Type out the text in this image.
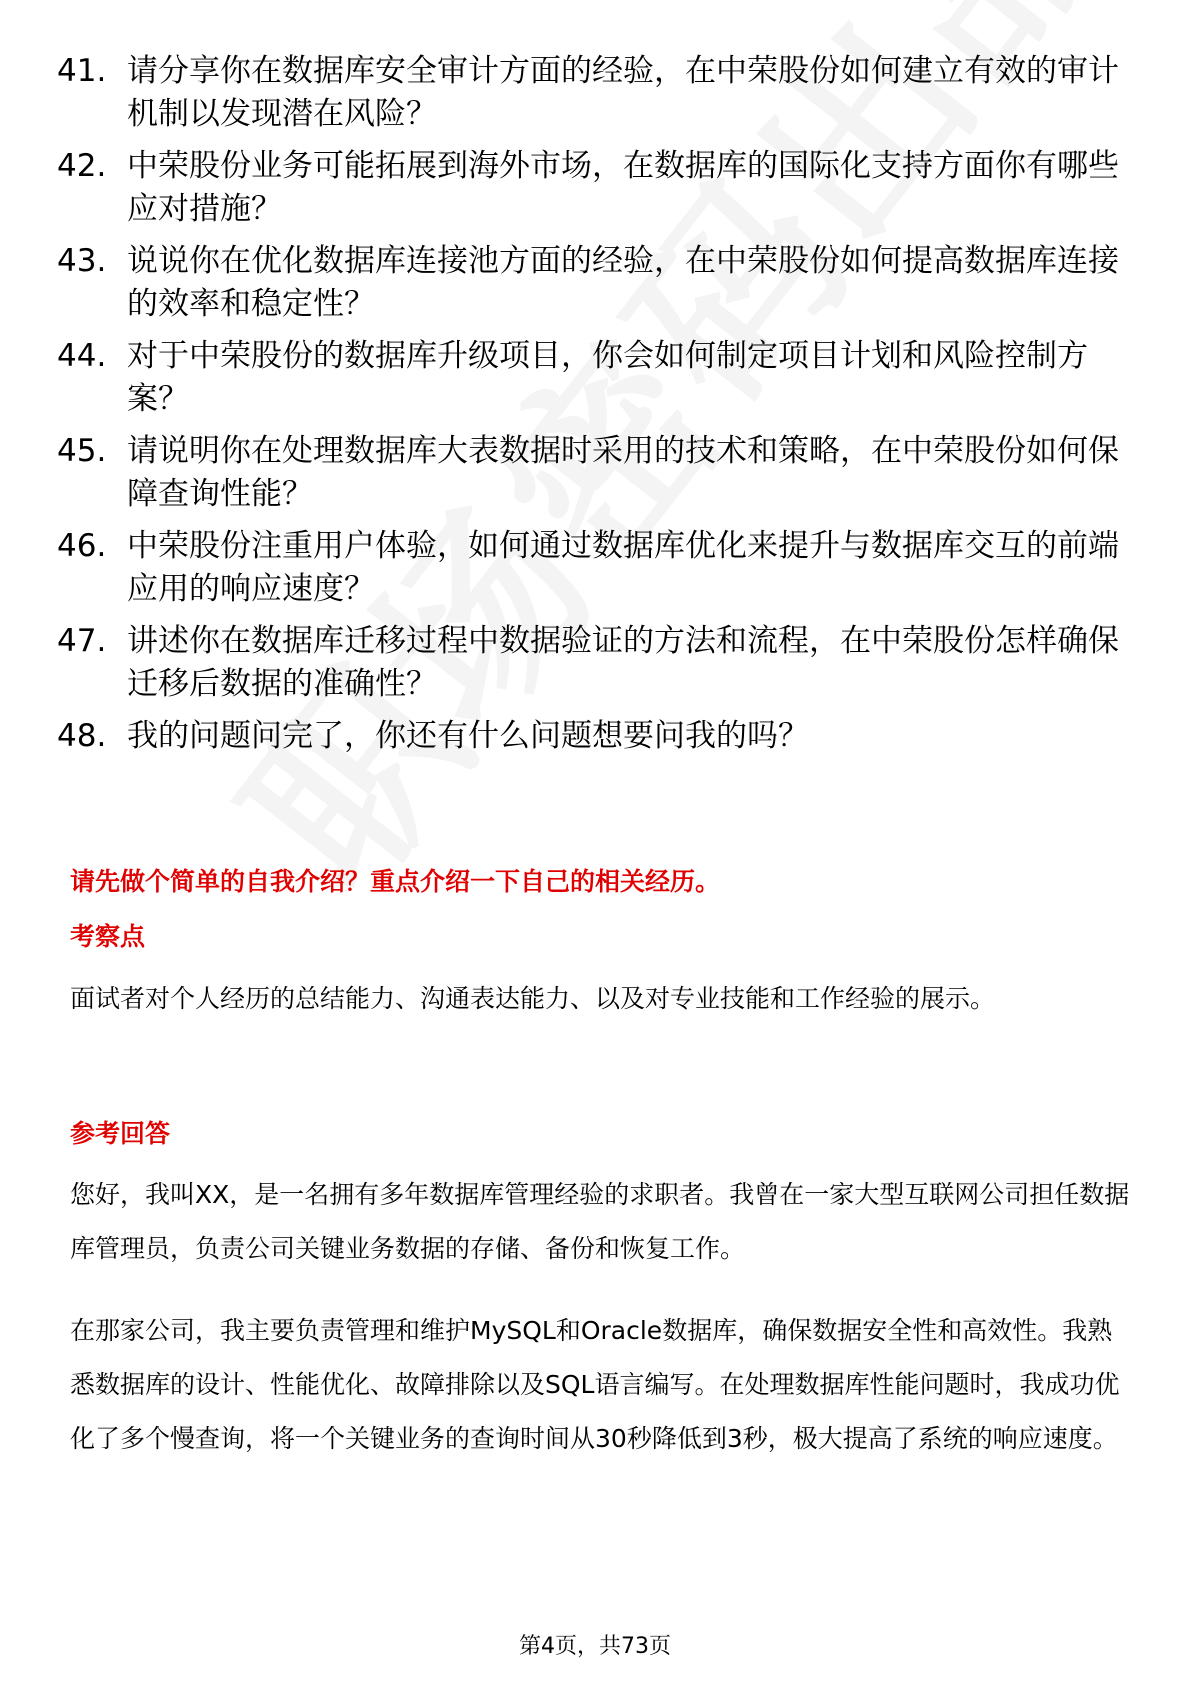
41. 请分享你在数据库安全审计方面的经验，在中荣股份如何建立有效的审计机制以发现潜在风险？
42. 中荣股份业务可能拓展到海外市场，在数据库的国际化支持方面你有哪些应对措施？
43. 说说你在优化数据库连接池方面的经验，在中荣股份如何提高数据库连接的效率和稳定性？
44. 对于中荣股份的数据库升级项目，你会如何制定项目计划和风险控制方案？
45. 请说明你在处理数据库大表数据时采用的技术和策略，在中荣股份如何保障查询性能？
46. 中荣股份注重用户体验，如何通过数据库优化来提升与数据库交互的前端应用的响应速度？
47. 讲述你在数据库迁移过程中数据验证的方法和流程，在中荣股份怎样确保迁移后数据的准确性？
48. 我的问题问完了，你还有什么问题想要问我的吗？
请先做个简单的自我介绍？重点介绍一下自己的相关经历。
考察点

面试者对个人经历的总结能力、沟通表达能力、以及对专业技能和工作经验的展示。

参考回答

您好，我叫XX，是一名拥有多年数据库管理经验的求职者。我曾在一家大型互联网公司担任数据库管理员，负责公司关键业务数据的存储、备份和恢复工作。

在那家公司，我主要负责管理和维护MySQL和Oracle数据库，确保数据安全性和高效性。我熟悉数据库的设计、性能优化、故障排除以及SQL语言编写。在处理数据库性能问题时，我成功优化了多个慢查询，将一个关键业务的查询时间从30秒降低到3秒，极大提高了系统的响应速度。

第4页，共73页
